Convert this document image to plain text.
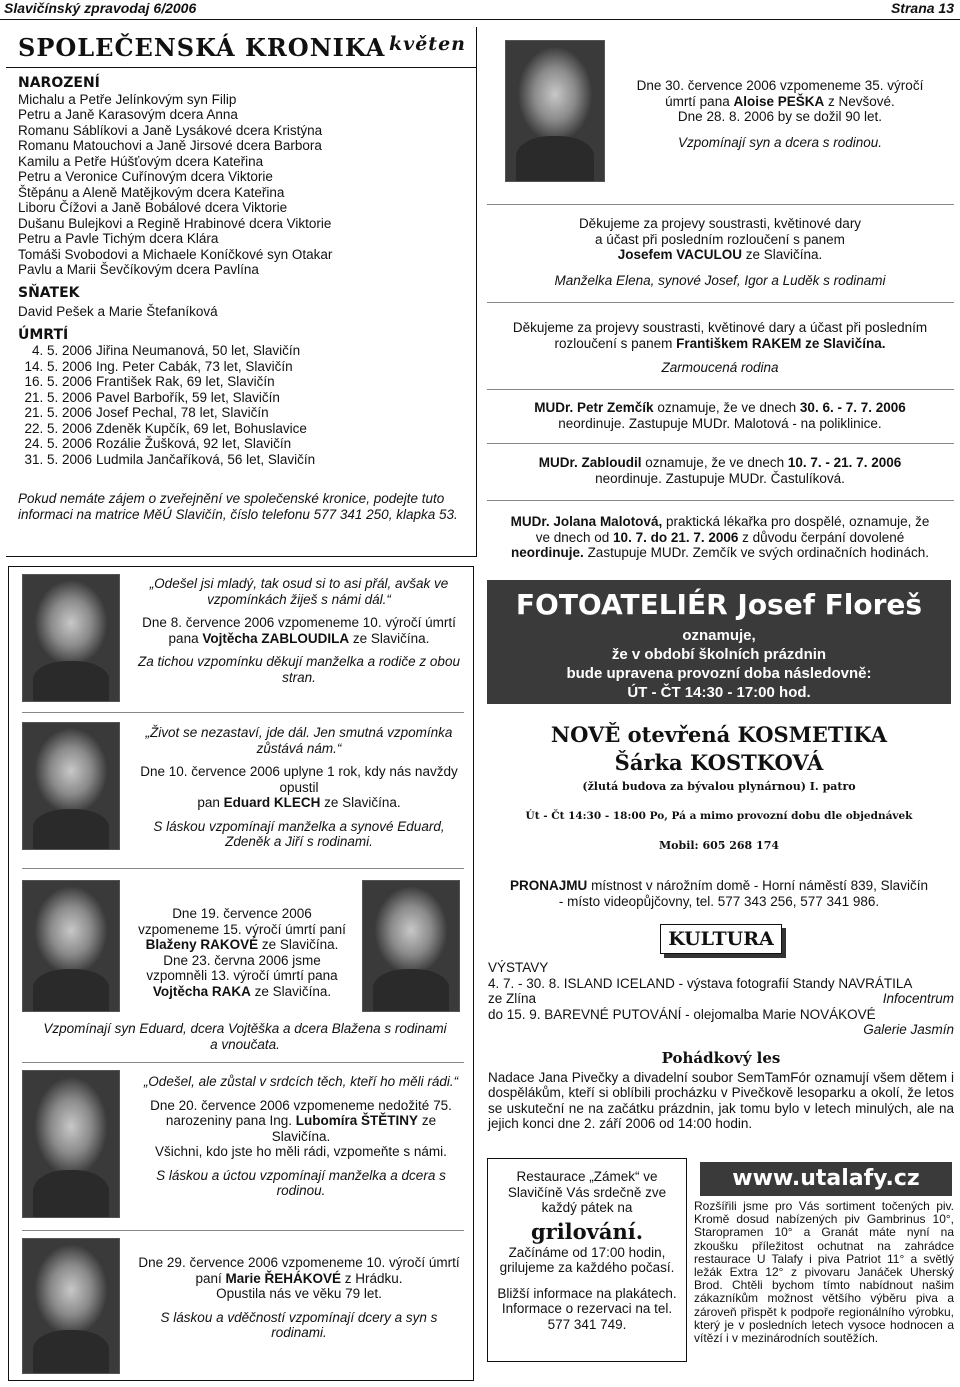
Slavičínský zpravodaj 6/2006	Strana 13
SPOLEČENSKÁ KRONIKA květen
NAROZENÍ
Michalu a Petře Jelínkovým syn Filip
Petru a Janě Karasovým dcera Anna
Romanu Sáblíkovi a Janě Lysákové dcera Kristýna
Romanu Matouchovi a Janě Jirsové dcera Barbora
Kamilu a Petře Húšťovým dcera Kateřina
Petru a Veronice Cuřínovým dcera Viktorie
Štěpánu a Aleně Matějkovým dcera Kateřina
Liboru Čížovi a Janě Bobálové dcera Viktorie
Dušanu Bulejkovi a Regině Hrabinové dcera Viktorie
Petru a Pavle Tichým dcera Klára
Tomáši Svobodovi a Michaele Koníčkové syn Otakar
Pavlu a Marii Ševčíkovým dcera Pavlína
SŇATEK
David Pešek a Marie Štefaníková
ÚMRTÍ
4. 5. 2006 Jiřina Neumanová, 50 let, Slavičín
14. 5. 2006 Ing. Peter Cabák, 73 let, Slavičín
16. 5. 2006 František Rak, 69 let, Slavičín
21. 5. 2006 Pavel Barbořík, 59 let, Slavičín
21. 5. 2006 Josef Pechal, 78 let, Slavičín
22. 5. 2006 Zdeněk Kupčík, 69 let, Bohuslavice
24. 5. 2006 Rozálie Žušková, 92 let, Slavičín
31. 5. 2006 Ludmila Jančaříková, 56 let, Slavičín
Pokud nemáte zájem o zveřejnění ve společenské kronice, podejte tuto informaci na matrice MěÚ Slavičín, číslo telefonu 577 341 250, klapka 53.

„Odešel jsi mladý, tak osud si to asi přál, avšak ve vzpomínkách žiješ s námi dál.“

Dne 8. července 2006 vzpomeneme 10. výročí úmrtí pana Vojtěcha ZABLOUDILA ze Slavičína.

Za tichou vzpomínku děkují manželka a rodiče z obou stran.

„Život se nezastaví, jde dál. Jen smutná vzpomínka zůstává nám.“

Dne 10. července 2006 uplyne 1 rok, kdy nás navždy opustil

pan Eduard KLECH ze Slavičína.

S láskou vzpomínají manželka a synové Eduard, Zdeněk a Jiří s rodinami.

Dne 19. července 2006

vzpomeneme 15. výročí úmrtí paní

Blaženy RAKOVÉ ze Slavičína.

Dne 23. června 2006 jsme

vzpomněli 13. výročí úmrtí pana

Vojtěcha RAKA ze Slavičína.

Vzpomínají syn Eduard, dcera Vojtěška a dcera Blažena s rodinami a vnoučata.

„Odešel, ale zůstal v srdcích těch, kteří ho měli rádi.“

Dne 20. července 2006 vzpomeneme nedožité 75. narozeniny pana Ing. Lubomíra ŠTĚTINY ze Slavičína.

Všichni, kdo jste ho měli rádi, vzpomeňte s námi.

S láskou a úctou vzpomínají manželka a dcera s rodinou.

Dne 29. července 2006 vzpomeneme 10. výročí úmrtí paní Marie ŘEHÁKOVÉ z Hrádku.

Opustila nás ve věku 79 let.

S láskou a vděčností vzpomínají dcery a syn s rodinami.

Dne 30. července 2006 vzpomeneme 35. výročí

úmrtí pana Aloise PEŠKA z Nevšové.

Dne 28. 8. 2006 by se dožil 90 let.

Vzpomínají syn a dcera s rodinou.

Děkujeme za projevy soustrasti, květinové dary

a účast při posledním rozloučení s panem

Josefem VACULOU ze Slavičína.

Manželka Elena, synové Josef, Igor a Luděk s rodinami

Děkujeme za projevy soustrasti, květinové dary a účast při posledním

rozloučení s panem Františkem RAKEM ze Slavičína.

Zarmoucená rodina

MUDr. Petr Zemčík oznamuje, že ve dnech 30. 6. - 7. 7. 2006

neordinuje. Zastupuje MUDr. Malotová - na poliklinice.

MUDr. Zabloudil oznamuje, že ve dnech 10. 7. - 21. 7. 2006

neordinuje. Zastupuje MUDr. Častulíková.

MUDr. Jolana Malotová, praktická lékařka pro dospělé, oznamuje, že

ve dnech od 10. 7. do 21. 7. 2006 z důvodu čerpání dovolené

neordinuje. Zastupuje MUDr. Zemčík ve svých ordinačních hodinách.

FOTOATELIÉR Josef Floreš
oznamuje,
že v období školních prázdnin
bude upravena provozní doba následovně:
ÚT - ČT 14:30 - 17:00 hod.
NOVĚ otevřená KOSMETIKA
Šárka KOSTKOVÁ
(žlutá budova za bývalou plynárnou) I. patro
Út - Čt 14:30 - 18:00 Po, Pá a mimo provozní dobu dle objednávek
Mobil: 605 268 174

PRONAJMU místnost v nárožním domě - Horní náměstí 839, Slavičín

- místo videopůjčovny, tel. 577 343 256, 577 341 986.

KULTURA

VÝSTAVY

4. 7. - 30. 8. ISLAND ICELAND - výstava fotografií Standy NAVRÁTILA

ze Zlína	Infocentrum

do 15. 9. BAREVNÉ PUTOVÁNÍ - olejomalba Marie NOVÁKOVÉ

Galerie Jasmín

Pohádkový les

Nadace Jana Pivečky a divadelní soubor SemTamFór oznamují všem dětem i dospělákům, kteří si oblíbili procházku v Pivečkově lesoparku a okolí, že letos se uskuteční ne na začátku prázdnin, jak tomu bylo v letech minulých, ale na jejich konci dne 2. září 2006 od 14:00 hodin.

Restaurace „Zámek“ ve Slavičíně Vás srdečně zve každý pátek na

grilování.

Začínáme od 17:00 hodin, grilujeme za každého počasí.

Bližší informace na plakátech.

Informace o rezervaci na tel. 577 341 749.

www.utalafy.cz
Rozšířili jsme pro Vás sortiment točených piv. Kromě dosud nabízených piv Gambrinus 10°, Staropramen 10° a Granát máte nyní na zkoušku příležitost ochutnat na zahrádce restaurace U Talafy i piva Patriot 11° a světlý ležák Extra 12° z pivovaru Janáček Uherský Brod. Chtěli bychom tímto nabídnout našim zákazníkům možnost většího výběru piva a zároveň přispět k podpoře regionálního výrobku, který je v posledních letech vysoce hodnocen a vítězí i v mezinárodních soutěžích.
